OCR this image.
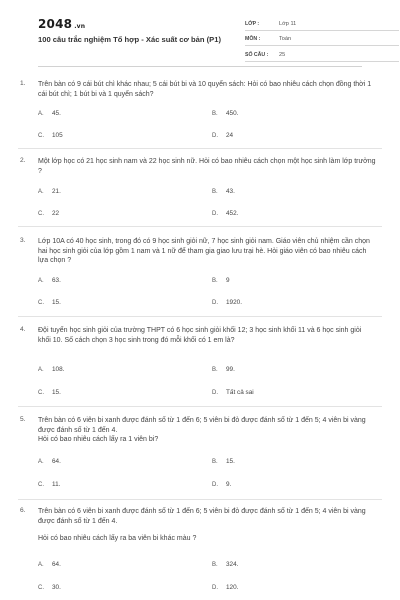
2048 .vn
100 câu trắc nghiệm Tổ hợp - Xác suất cơ bản (P1)
LỚP :	Lớp 11
MÔN :	Toán
SỐ CÂU :	25
1. Trên bàn có 9 cái bút chì khác nhau; 5 cái bút bi và 10 quyển sách: Hỏi có bao nhiêu cách chọn đồng thời 1 cái bút chì; 1 bút bi và 1 quyển sách?

A. 45.	B. 450.
C. 105	D. 24
2. Một lớp học có 21 học sinh nam và 22 học sinh nữ. Hỏi có bao nhiêu cách chọn một học sinh làm lớp trưởng ?

A. 21.	B. 43.
C. 22	D. 452.
3. Lớp 10A có 40 học sinh, trong đó có 9 học sinh giỏi nữ, 7 học sinh giỏi nam. Giáo viên chủ nhiệm cần chọn hai học sinh giỏi của lớp gồm 1 nam và 1 nữ để tham gia giao lưu trại hè. Hỏi giáo viên có bao nhiêu cách lựa chọn ?

A. 63.	B. 9
C. 15.	D. 1920.
4. Đội tuyển học sinh giỏi của trường THPT có 6 học sinh giỏi khối 12; 3 học sinh khối 11 và 6 học sinh giỏi khối 10. Số cách chọn 3 học sinh trong đó mỗi khối có 1 em là?

A. 108.	B. 99.
C. 15.	D. Tất cả sai
5. Trên bàn có 6 viên bi xanh được đánh số từ 1 đến 6; 5 viên bi đỏ được đánh số từ 1 đến 5; 4 viên bi vàng được đánh số từ 1 đến 4.

Hỏi có bao nhiêu cách lấy ra 1 viên bi?

A. 64.	B. 15.
C. 11.	D. 9.
6. Trên bàn có 6 viên bi xanh được đánh số từ 1 đến 6; 5 viên bi đỏ được đánh số từ 1 đến 5; 4 viên bi vàng được đánh số từ 1 đến 4.

Hỏi có bao nhiêu cách lấy ra ba viên bi khác màu ?

A. 64.	B. 324.
C. 30.	D. 120.
